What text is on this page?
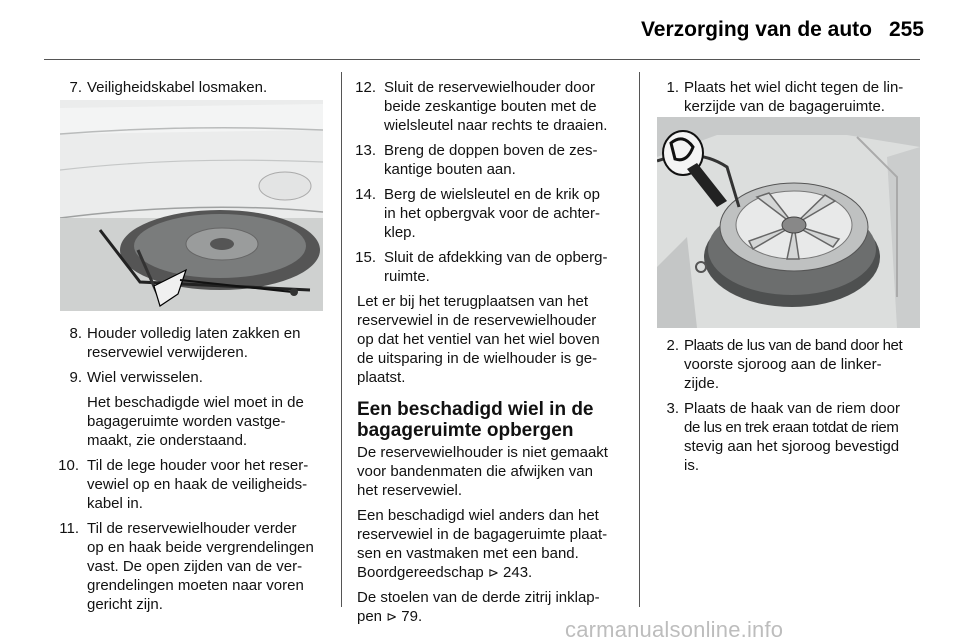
Verzorging van de auto 255
7. Veiligheidskabel losmaken.
8. Houder volledig laten zakken en
reservewiel verwijderen.
9. Wiel verwisselen.
Het beschadigde wiel moet in de
bagageruimte worden vastge-
maakt, zie onderstaand.
10. Til de lege houder voor het reser-
vewiel op en haak de veiligheids-
kabel in.
11. Til de reservewielhouder verder
op en haak beide vergrendelingen
vast. De open zijden van de ver-
grendelingen moeten naar voren
gericht zijn.
12. Sluit de reservewielhouder door
beide zeskantige bouten met de
wielsleutel naar rechts te draaien.
13. Breng de doppen boven de zes-
kantige bouten aan.
14. Berg de wielsleutel en de krik op
in het opbergvak voor de achter-
klep.
15. Sluit de afdekking van de opberg-
ruimte.
Let er bij het terugplaatsen van het
reservewiel in de reservewielhouder
op dat het ventiel van het wiel boven
de uitsparing in de wielhouder is ge-
plaatst.
Een beschadigd wiel in de
bagageruimte opbergen
De reservewielhouder is niet gemaakt
voor bandenmaten die afwijken van
het reservewiel.
Een beschadigd wiel anders dan het
reservewiel in de bagageruimte plaat-
sen en vastmaken met een band.
Boordgereedschap ⊳ 243.
De stoelen van de derde zitrij inklap-
pen ⊳ 79.
1. Plaats het wiel dicht tegen de lin-
kerzijde van de bagageruimte.
2. Plaats de lus van de band door het
voorste sjoroog aan de linker-
zijde.
3. Plaats de haak van de riem door
de lus en trek eraan totdat de riem
stevig aan het sjoroog bevestigd
is.
carmanualsonline.info
